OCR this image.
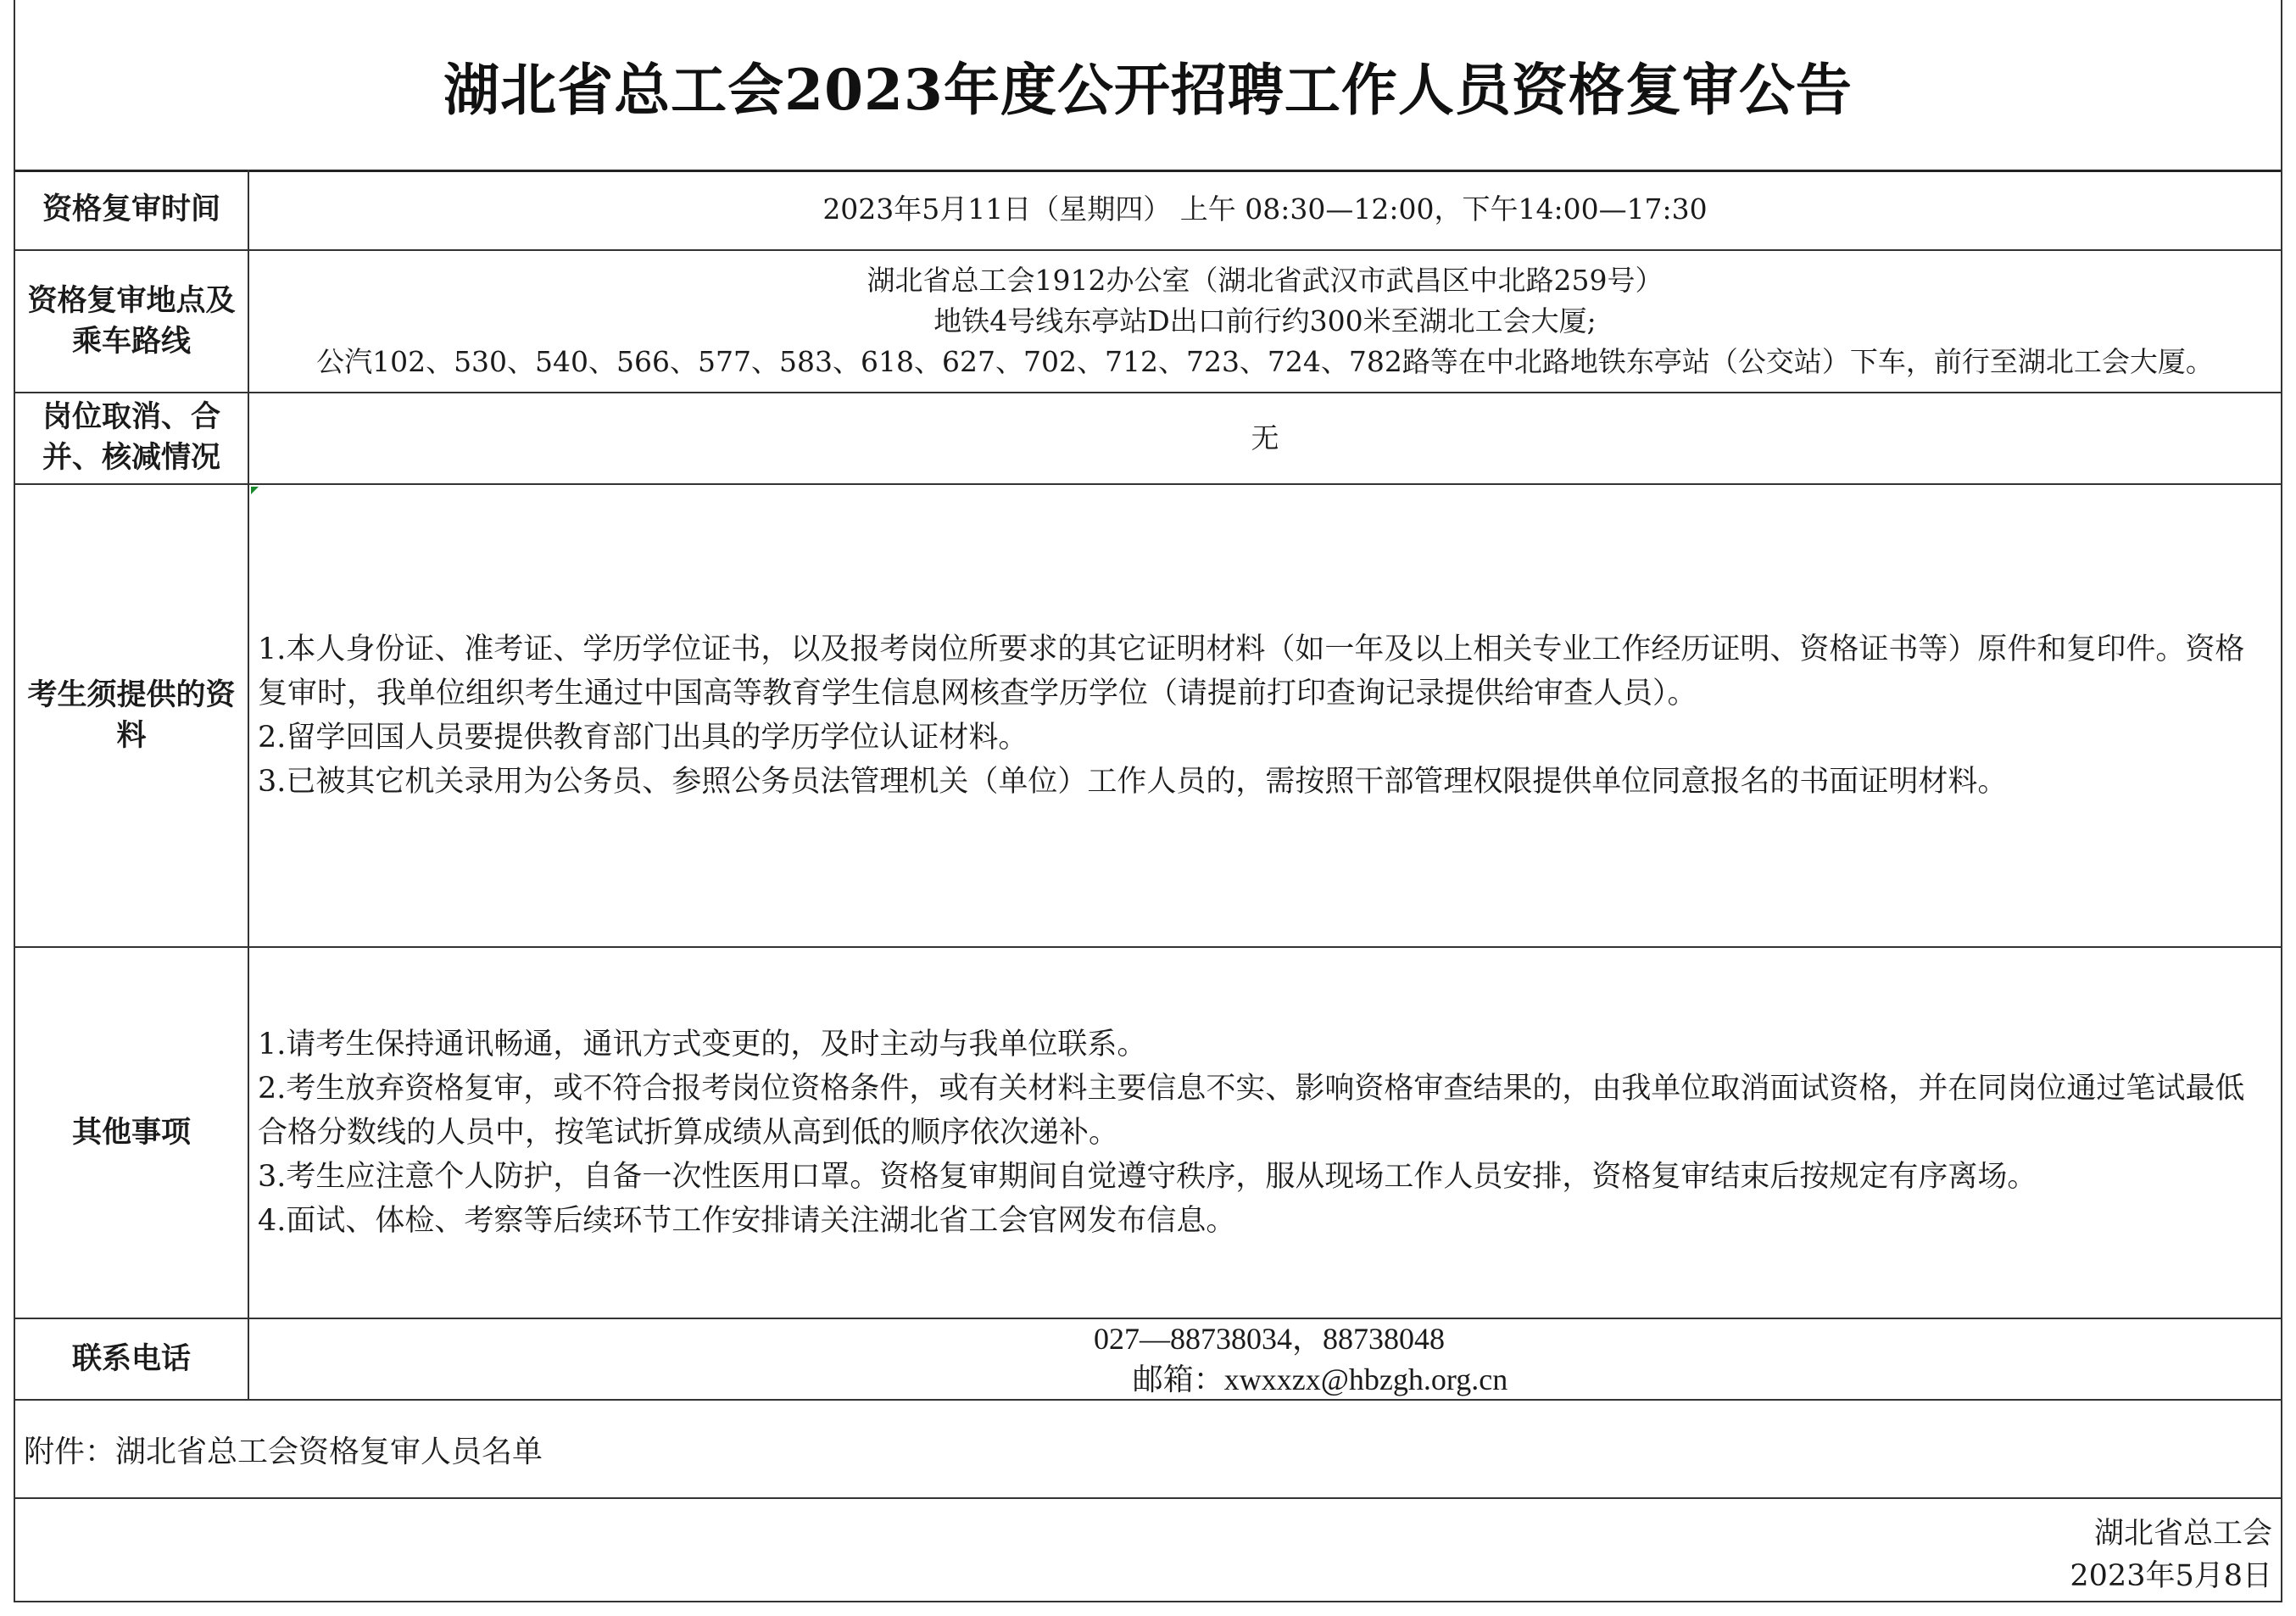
湖北省总工会2023年度公开招聘工作人员资格复审公告
资格复审时间	2023年5月11日（星期四） 上午 08:30—12:00，下午14:00—17:30
资格复审地点及乘车路线
湖北省总工会1912办公室（湖北省武汉市武昌区中北路259号）
地铁4号线东亭站D出口前行约300米至湖北工会大厦;
公汽102、530、540、566、577、583、618、627、702、712、723、724、782路等在中北路地铁东亭站（公交站）下车，前行至湖北工会大厦。
岗位取消、合并、核减情况
无
考生须提供的资料

1.本人身份证、准考证、学历学位证书，以及报考岗位所要求的其它证明材料（如一年及以上相关专业工作经历证明、资格证书等）原件和复印件。资格复审时，我单位组织考生通过中国高等教育学生信息网核查学历学位（请提前打印查询记录提供给审查人员）。

2.留学回国人员要提供教育部门出具的学历学位认证材料。

3.已被其它机关录用为公务员、参照公务员法管理机关（单位）工作人员的，需按照干部管理权限提供单位同意报名的书面证明材料。

其他事项

1.请考生保持通讯畅通，通讯方式变更的，及时主动与我单位联系。

2.考生放弃资格复审，或不符合报考岗位资格条件，或有关材料主要信息不实、影响资格审查结果的，由我单位取消面试资格，并在同岗位通过笔试最低合格分数线的人员中，按笔试折算成绩从高到低的顺序依次递补。

3.考生应注意个人防护，自备一次性医用口罩。资格复审期间自觉遵守秩序，服从现场工作人员安排，资格复审结束后按规定有序离场。

4.面试、体检、考察等后续环节工作安排请关注湖北省工会官网发布信息。

联系电话
027—88738034，88738048
邮箱：xwxxzx@hbzgh.org.cn
附件：湖北省总工会资格复审人员名单
湖北省总工会
2023年5月8日
